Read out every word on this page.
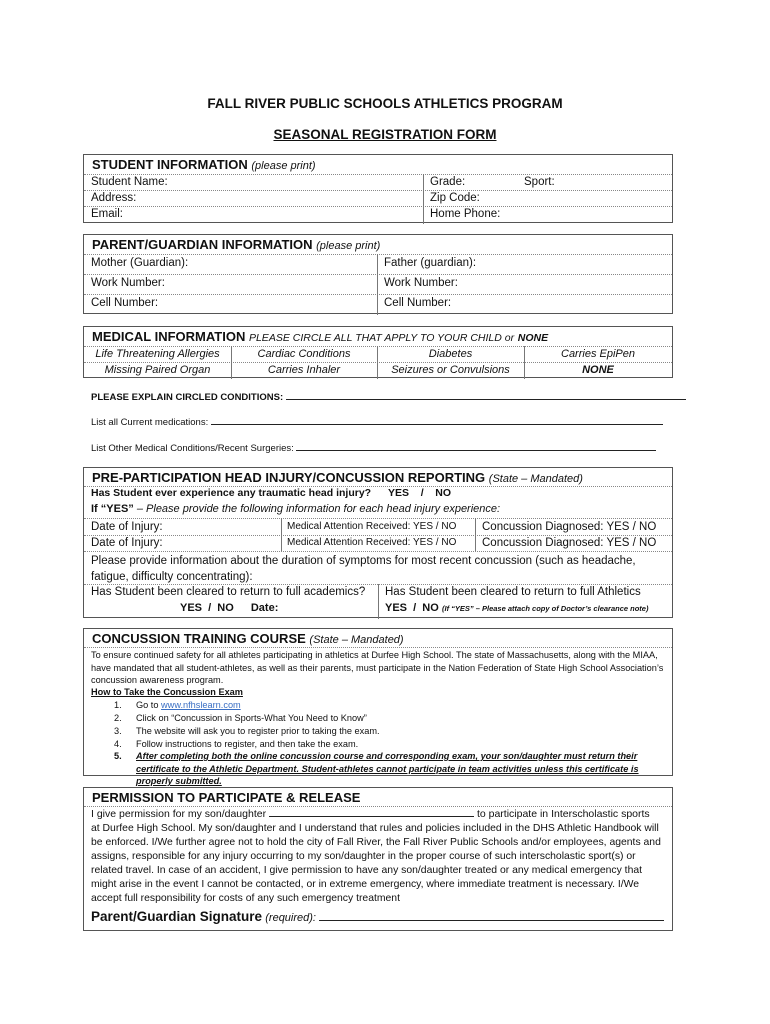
FALL RIVER PUBLIC SCHOOLS ATHLETICS PROGRAM
SEASONAL REGISTRATION FORM
STUDENT INFORMATION (please print)
Student Name:	Grade:	Sport:
Address:	Zip Code:
Email:	Home Phone:
PARENT/GUARDIAN INFORMATION (please print)
Mother (Guardian):	Father (guardian):
Work Number:	Work Number:
Cell Number:	Cell Number:
MEDICAL INFORMATION PLEASE CIRCLE ALL THAT APPLY TO YOUR CHILD or NONE
Life Threatening Allergies	Cardiac Conditions	Diabetes	Carries EpiPen
Missing Paired Organ	Carries Inhaler	Seizures or Convulsions	NONE
PLEASE EXPLAIN CIRCLED CONDITIONS:
List all Current medications:
List Other Medical Conditions/Recent Surgeries:
PRE-PARTICIPATION HEAD INJURY/CONCUSSION REPORTING (State – Mandated)
Has Student ever experience any traumatic head injury? YES    /    NO
If “YES” – Please provide the following information for each head injury experience:
Date of Injury:	Medical Attention Received: YES / NO Concussion Diagnosed: YES / NO
Date of Injury:	Medical Attention Received: YES / NO Concussion Diagnosed: YES / NO
Please provide information about the duration of symptoms for most recent concussion (such as headache, fatigue, difficulty concentrating):
Has Student been cleared to return to full academics?
YES  /  NO Date:
Has Student been cleared to return to full Athletics
YES  /  NO (If “YES” – Please attach copy of Doctor’s clearance note)
CONCUSSION TRAINING COURSE (State – Mandated)
To ensure continued safety for all athletes participating in athletics at Durfee High School. The state of Massachusetts, along with the MIAA, have mandated that all student-athletes, as well as their parents, must participate in the Nation Federation of State High School Association’s concussion awareness program.
How to Take the Concussion Exam
1. Go to www.nfhslearn.com
2. Click on “Concussion in Sports-What You Need to Know”
3. The website will ask you to register prior to taking the exam.
4. Follow instructions to register, and then take the exam.
5. After completing both the online concussion course and corresponding exam, your son/daughter must return their certificate to the Athletic Department. Student-athletes cannot participate in team activities unless this certificate is properly submitted.
PERMISSION TO PARTICIPATE & RELEASE
I give permission for my son/daughter	to participate in Interscholastic sports
at Durfee High School. My son/daughter and I understand that rules and policies included in the DHS Athletic Handbook will be enforced. I/We further agree not to hold the city of Fall River, the Fall River Public Schools and/or employees, agents and assigns, responsible for any injury occurring to my son/daughter in the proper course of such interscholastic sport(s) or related travel. In case of an accident, I give permission to have any son/daughter treated or any medical emergency that might arise in the event I cannot be contacted, or in extreme emergency, where immediate treatment is necessary. I/We accept full responsibility for costs of any such emergency treatment
Parent/Guardian Signature (required):
